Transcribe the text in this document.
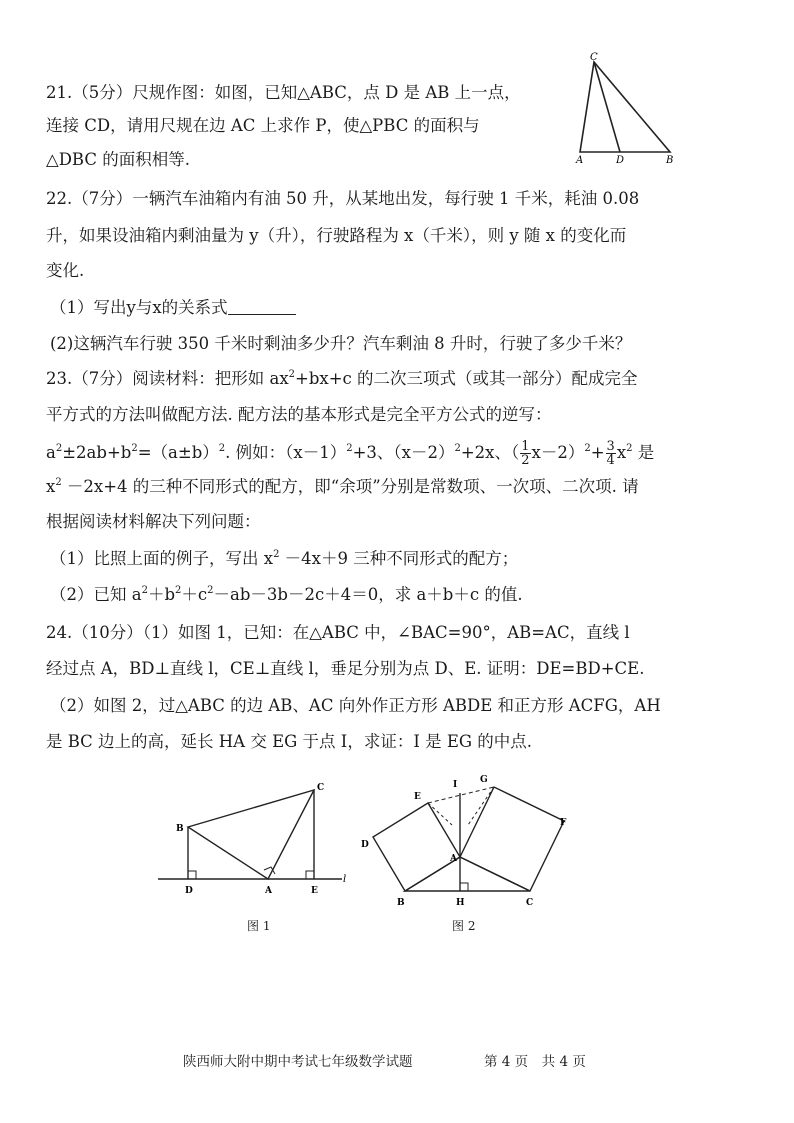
21.（5分）尺规作图：如图，已知△ABC，点 D 是 AB 上一点，
连接 CD，请用尺规在边 AC 上求作 P，使△PBC 的面积与
△DBC 的面积相等.
C
A	D	B
22.（7分）一辆汽车油箱内有油 50 升，从某地出发，每行驶 1 千米，耗油 0.08
升，如果设油箱内剩油量为 y（升），行驶路程为 x（千米），则 y 随 x 的变化而
变化.
（1）写出y与x的关系式
(2)这辆汽车行驶 350 千米时剩油多少升？汽车剩油 8 升时，行驶了多少千米？
23.（7分）阅读材料：把形如 $ax^2+bx+c$ 的二次三项式（或其一部分）配成完全
平方式的方法叫做配方法. 配方法的基本形式是完全平方公式的逆写：
$a^2\pm 2ab+b^2=(a\pm b)^2$. 例如：$(x-1)^2+3$、$(x-2)^2+2x$、（ $\frac{1}{2} x-2)^2+ \frac{3}{4} x^2$ 是
$x^2 -2x+4$ 的三种不同形式的配方，即“余项”分别是常数项、一次项、二次项. 请
根据阅读材料解决下列问题：
（1）比照上面的例子，写出 $x^2 -4x+9$ 三种不同形式的配方；
（2）已知 $a^2+b^2+c^2-ab-3b-2c+4=0$，求 a＋b＋c 的值.
24.（10分）（1）如图 1，已知：在△ABC 中，∠BAC=90°，AB=AC，直线 l
经过点 A，BD⊥直线 l，CE⊥直线 l，垂足分别为点 D、E. 证明：DE=BD+CE.
（2）如图 2，过△ABC 的边 AB、AC 向外作正方形 ABDE 和正方形 ACFG，AH
是 BC 边上的高，延长 HA 交 EG 于点 I，求证：I 是 EG 的中点.
B
C
D	A	E
l
图 1
I	G
E
F
D
A
B	H	C
图 2
陕西师大附中期中考试七年级数学试题	第 4 页　共 4 页
